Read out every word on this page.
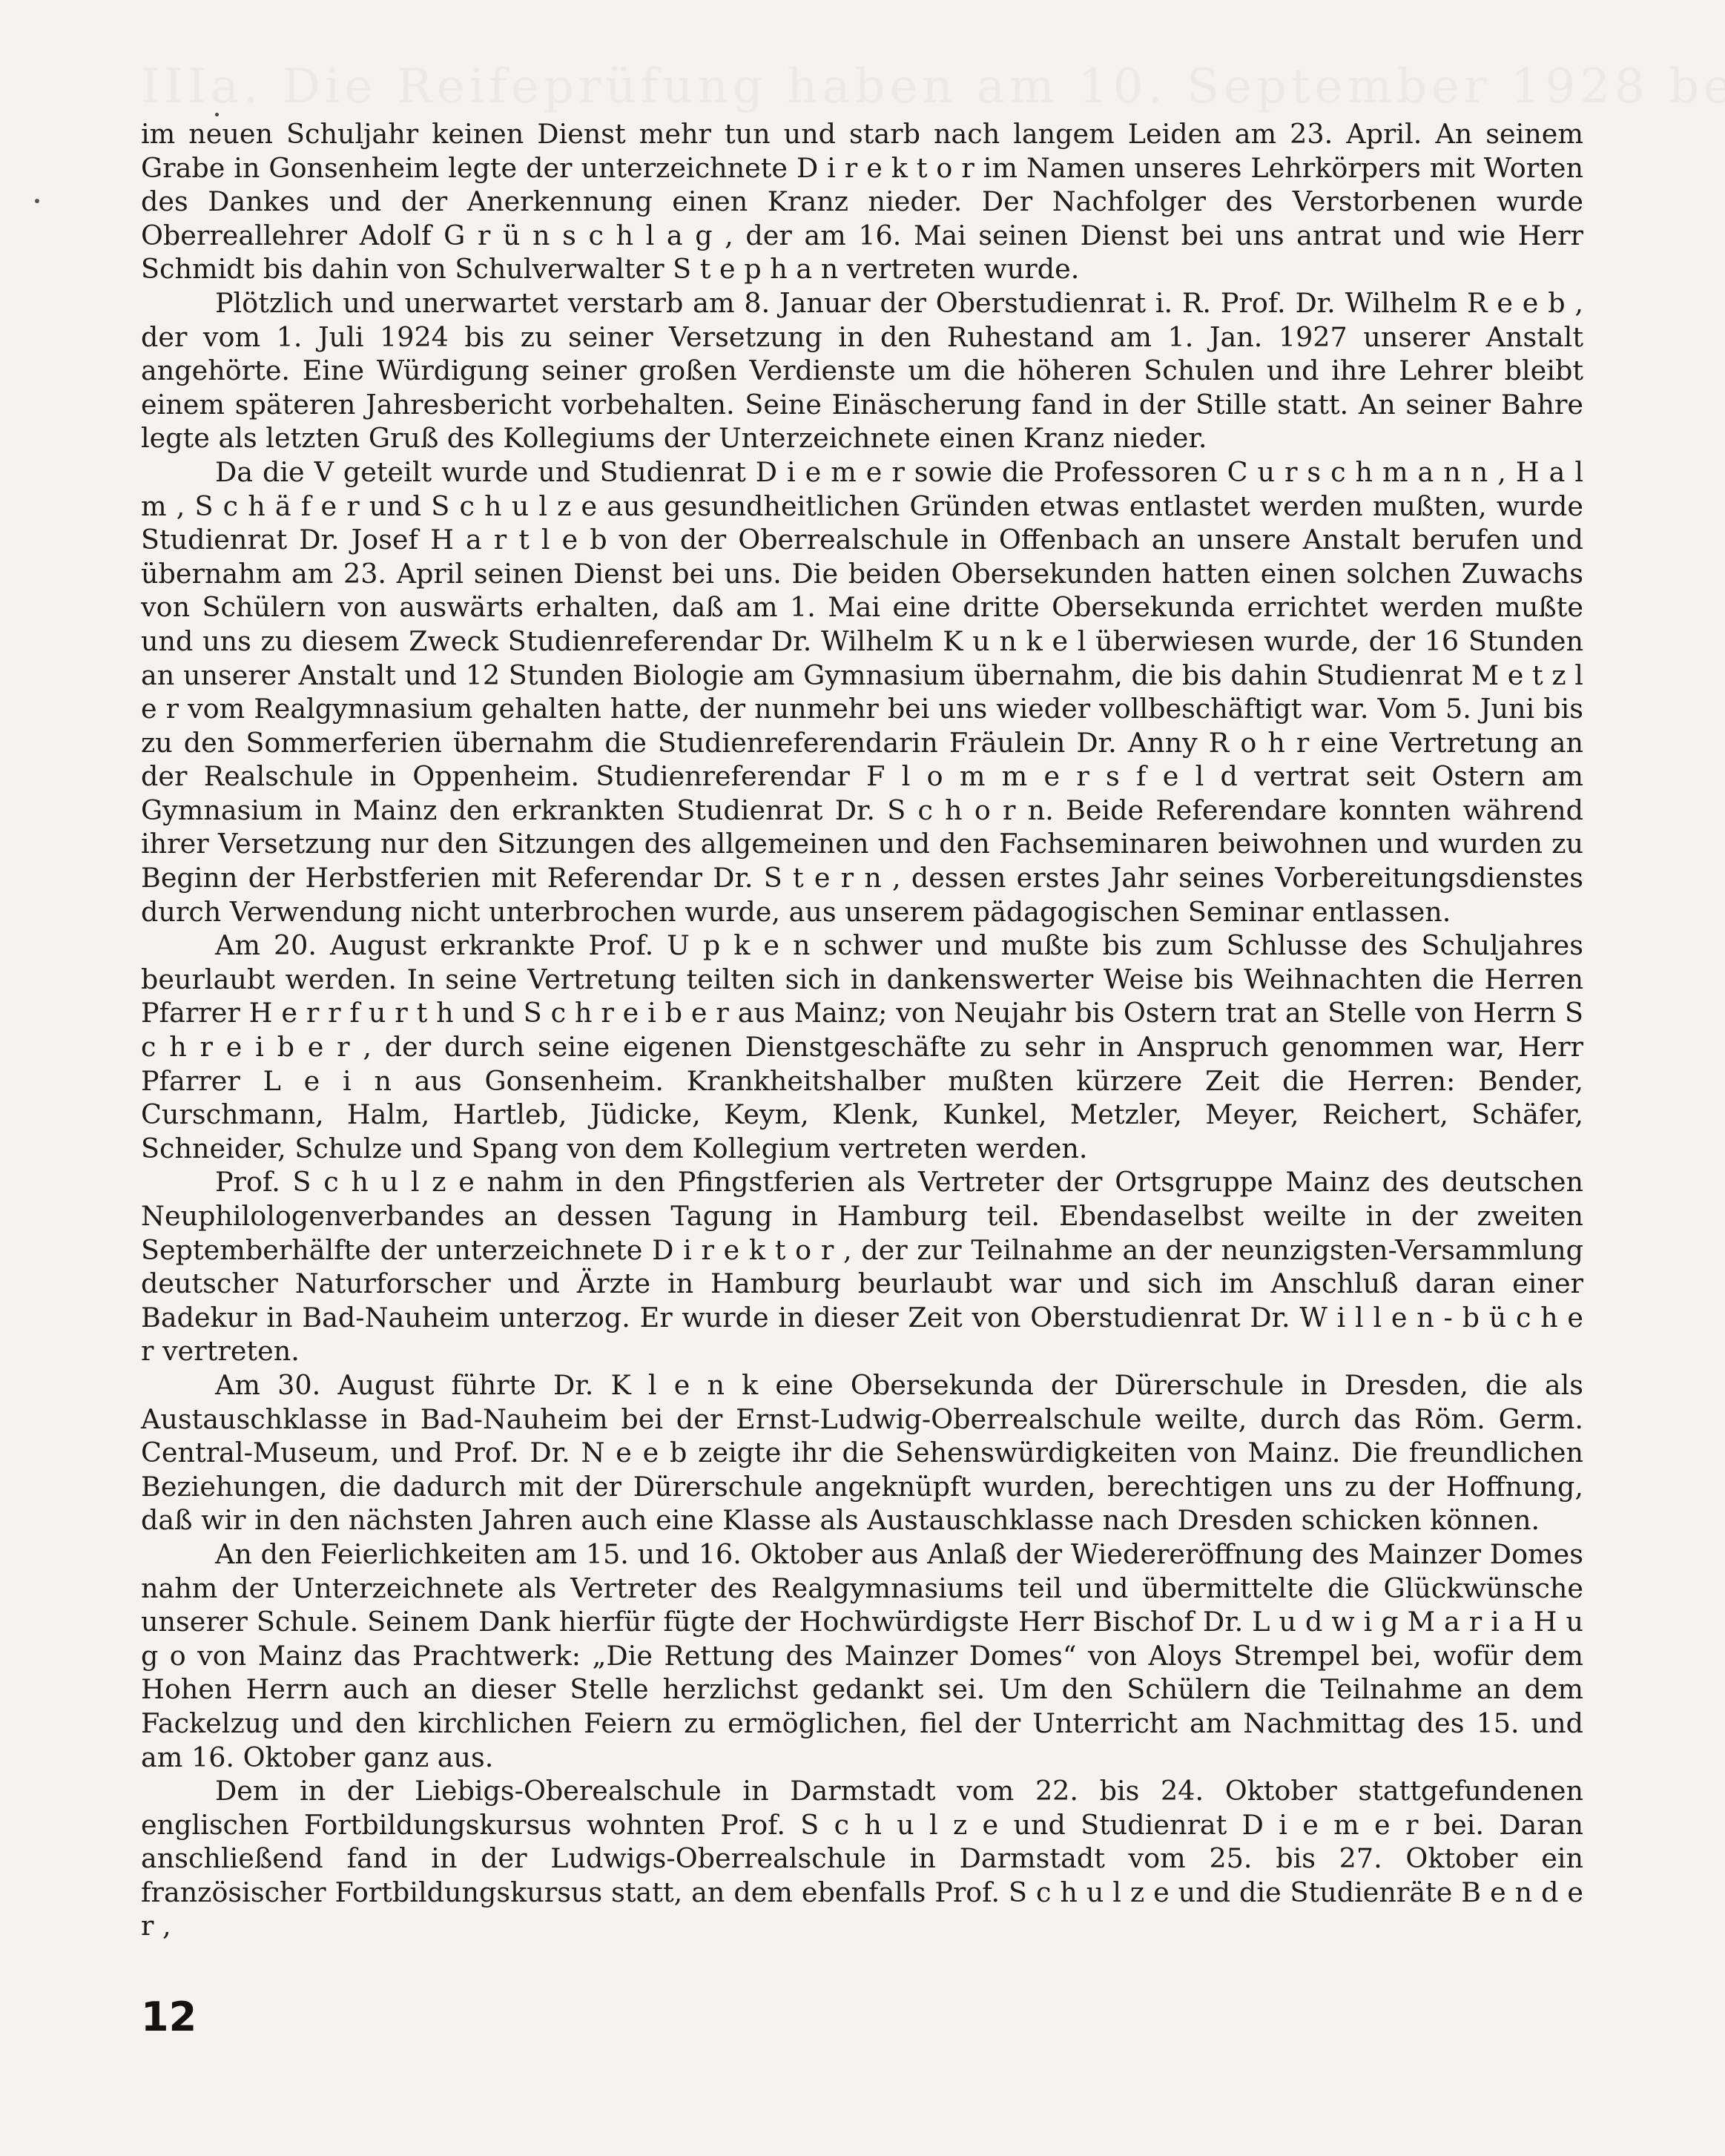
im neuen Schuljahr keinen Dienst mehr tun und starb nach langem Leiden am 23. April. An seinem Grabe in Gonsenheim legte der unterzeichnete D i r e k t o r im Namen unseres Lehrkörpers mit Worten des Dankes und der Anerkennung einen Kranz nieder. Der Nachfolger des Verstorbenen wurde Oberreallehrer Adolf G r ü n s c h l a g , der am 16. Mai seinen Dienst bei uns antrat und wie Herr Schmidt bis dahin von Schulverwalter S t e p h a n vertreten wurde.

Plötzlich und unerwartet verstarb am 8. Januar der Oberstudienrat i. R. Prof. Dr. Wilhelm R e e b , der vom 1. Juli 1924 bis zu seiner Versetzung in den Ruhestand am 1. Jan. 1927 unserer Anstalt angehörte. Eine Würdigung seiner großen Verdienste um die höheren Schulen und ihre Lehrer bleibt einem späteren Jahresbericht vorbehalten. Seine Einäscherung fand in der Stille statt. An seiner Bahre legte als letzten Gruß des Kollegiums der Unterzeichnete einen Kranz nieder.

Da die V geteilt wurde und Studienrat D i e m e r sowie die Professoren C u r s c h m a n n , H a l m , S c h ä f e r und S c h u l z e aus gesundheitlichen Gründen etwas entlastet werden mußten, wurde Studienrat Dr. Josef H a r t l e b von der Oberrealschule in Offenbach an unsere Anstalt berufen und übernahm am 23. April seinen Dienst bei uns. Die beiden Obersekunden hatten einen solchen Zuwachs von Schülern von auswärts erhalten, daß am 1. Mai eine dritte Obersekunda errichtet werden mußte und uns zu diesem Zweck Studienreferendar Dr. Wilhelm K u n k e l überwiesen wurde, der 16 Stunden an unserer Anstalt und 12 Stunden Biologie am Gymnasium übernahm, die bis dahin Studienrat M e t z l e r vom Realgymnasium gehalten hatte, der nunmehr bei uns wieder vollbeschäftigt war. Vom 5. Juni bis zu den Sommerferien übernahm die Studienreferendarin Fräulein Dr. Anny R o h r eine Vertretung an der Realschule in Oppenheim. Studienreferendar F l o m m e r s f e l d vertrat seit Ostern am Gymnasium in Mainz den erkrankten Studienrat Dr. S c h o r n. Beide Referendare konnten während ihrer Versetzung nur den Sitzungen des allgemeinen und den Fachseminaren beiwohnen und wurden zu Beginn der Herbstferien mit Referendar Dr. S t e r n , dessen erstes Jahr seines Vorbereitungsdienstes durch Verwendung nicht unterbrochen wurde, aus unserem pädagogischen Seminar entlassen.

Am 20. August erkrankte Prof. U p k e n schwer und mußte bis zum Schlusse des Schuljahres beurlaubt werden. In seine Vertretung teilten sich in dankenswerter Weise bis Weihnachten die Herren Pfarrer H e r r f u r t h und S c h r e i b e r aus Mainz; von Neujahr bis Ostern trat an Stelle von Herrn S c h r e i b e r , der durch seine eigenen Dienstgeschäfte zu sehr in Anspruch genommen war, Herr Pfarrer L e i n aus Gonsenheim. Krankheitshalber mußten kürzere Zeit die Herren: Bender, Curschmann, Halm, Hartleb, Jüdicke, Keym, Klenk, Kunkel, Metzler, Meyer, Reichert, Schäfer, Schneider, Schulze und Spang von dem Kollegium vertreten werden.

Prof. S c h u l z e nahm in den Pfingstferien als Vertreter der Ortsgruppe Mainz des deutschen Neuphilologenverbandes an dessen Tagung in Hamburg teil. Ebendaselbst weilte in der zweiten Septemberhälfte der unterzeichnete D i r e k t o r , der zur Teilnahme an der neunzigsten-Versammlung deutscher Naturforscher und Ärzte in Hamburg beurlaubt war und sich im Anschluß daran einer Badekur in Bad-Nauheim unterzog. Er wurde in dieser Zeit von Oberstudienrat Dr. W i l l e n - b ü c h e r vertreten.

Am 30. August führte Dr. K l e n k eine Obersekunda der Dürerschule in Dresden, die als Austauschklasse in Bad-Nauheim bei der Ernst-Ludwig-Oberrealschule weilte, durch das Röm. Germ. Central-Museum, und Prof. Dr. N e e b zeigte ihr die Sehenswürdigkeiten von Mainz. Die freundlichen Beziehungen, die dadurch mit der Dürerschule angeknüpft wurden, berechtigen uns zu der Hoffnung, daß wir in den nächsten Jahren auch eine Klasse als Austauschklasse nach Dresden schicken können.

An den Feierlichkeiten am 15. und 16. Oktober aus Anlaß der Wiedereröffnung des Mainzer Domes nahm der Unterzeichnete als Vertreter des Realgymnasiums teil und übermittelte die Glückwünsche unserer Schule. Seinem Dank hierfür fügte der Hochwürdigste Herr Bischof Dr. L u d w i g M a r i a H u g o von Mainz das Prachtwerk: „Die Rettung des Mainzer Domes“ von Aloys Strempel bei, wofür dem Hohen Herrn auch an dieser Stelle herzlichst gedankt sei. Um den Schülern die Teilnahme an dem Fackelzug und den kirchlichen Feiern zu ermöglichen, fiel der Unterricht am Nachmittag des 15. und am 16. Oktober ganz aus.

Dem in der Liebigs-Oberealschule in Darmstadt vom 22. bis 24. Oktober stattgefundenen englischen Fortbildungskursus wohnten Prof. S c h u l z e und Studienrat D i e m e r bei. Daran anschließend fand in der Ludwigs-Oberrealschule in Darmstadt vom 25. bis 27. Oktober ein französischer Fortbildungskursus statt, an dem ebenfalls Prof. S c h u l z e und die Studienräte B e n d e r ,

12
